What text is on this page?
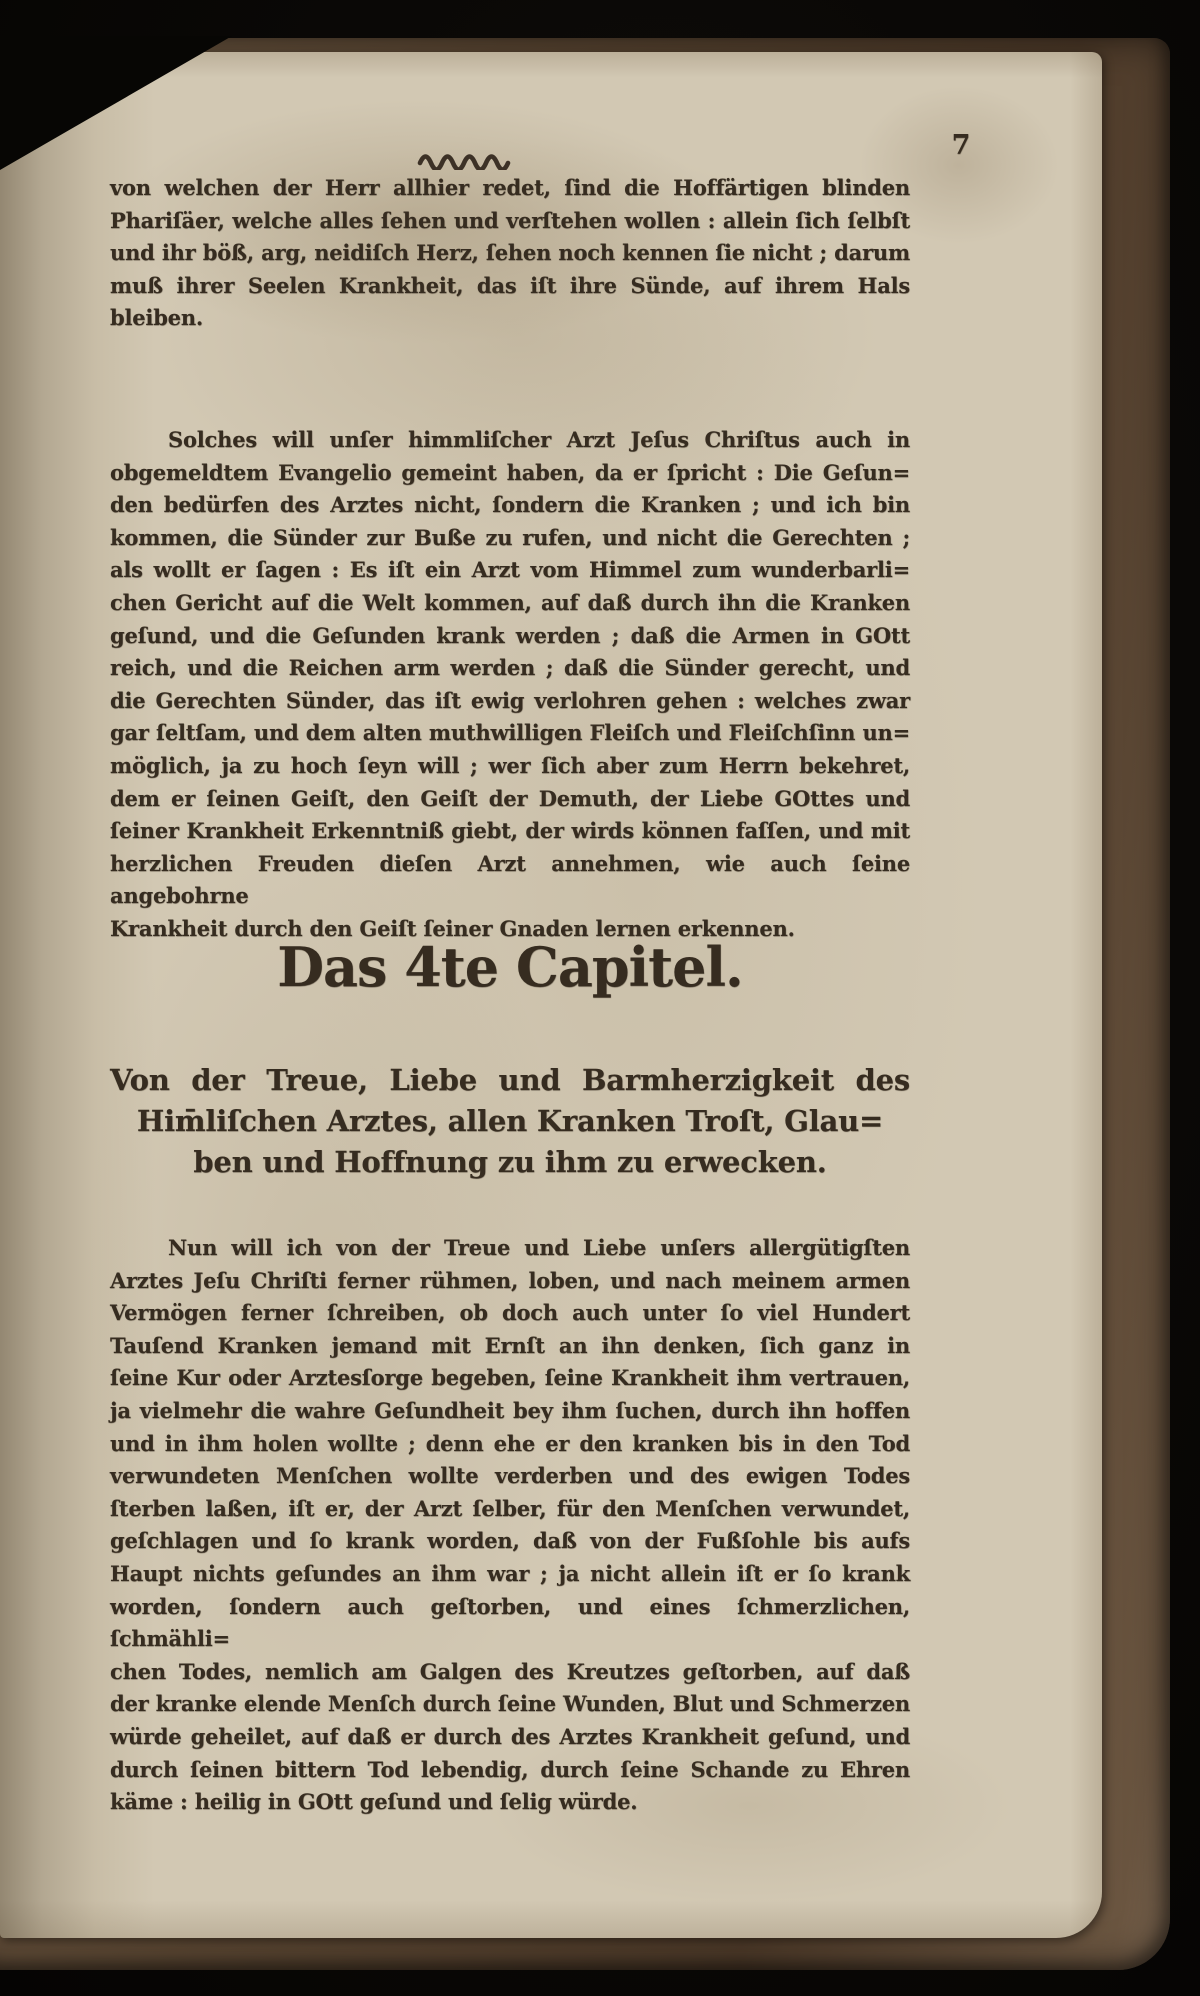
7
von welchen der Herr allhier redet, ſind die Hoffärtigen blinden
Phariſäer, welche alles ſehen und verſtehen wollen : allein ſich ſelbſt
und ihr böß, arg, neidiſch Herz, ſehen noch kennen ſie nicht ; darum
muß ihrer Seelen Krankheit, das iſt ihre Sünde, auf ihrem Hals
bleiben.
Solches will unſer himmliſcher Arzt Jeſus Chriſtus auch in
obgemeldtem Evangelio gemeint haben, da er ſpricht : Die Geſun=
den bedürfen des Arztes nicht, ſondern die Kranken ; und ich bin
kommen, die Sünder zur Buße zu rufen, und nicht die Gerechten ;
als wollt er ſagen : Es iſt ein Arzt vom Himmel zum wunderbarli=
chen Gericht auf die Welt kommen, auf daß durch ihn die Kranken
geſund, und die Geſunden krank werden ; daß die Armen in GOtt
reich, und die Reichen arm werden ; daß die Sünder gerecht, und
die Gerechten Sünder, das iſt ewig verlohren gehen : welches zwar
gar ſeltſam, und dem alten muthwilligen Fleiſch und Fleiſchſinn un=
möglich, ja zu hoch ſeyn will ; wer ſich aber zum Herrn bekehret,
dem er ſeinen Geiſt, den Geiſt der Demuth, der Liebe GOttes und
ſeiner Krankheit Erkenntniß giebt, der wirds können faſſen, und mit
herzlichen Freuden dieſen Arzt annehmen, wie auch ſeine angebohrne
Krankheit durch den Geiſt ſeiner Gnaden lernen erkennen.
Das 4te Capitel.
Von der Treue, Liebe und Barmherzigkeit des
Him̄liſchen Arztes, allen Kranken Troſt, Glau=
ben und Hoffnung zu ihm zu erwecken.
Nun will ich von der Treue und Liebe unſers allergütigſten
Arztes Jeſu Chriſti ferner rühmen, loben, und nach meinem armen
Vermögen ferner ſchreiben, ob doch auch unter ſo viel Hundert
Tauſend Kranken jemand mit Ernſt an ihn denken, ſich ganz in
ſeine Kur oder Arztesſorge begeben, ſeine Krankheit ihm vertrauen,
ja vielmehr die wahre Geſundheit bey ihm ſuchen, durch ihn hoffen
und in ihm holen wollte ; denn ehe er den kranken bis in den Tod
verwundeten Menſchen wollte verderben und des ewigen Todes
ſterben laßen, iſt er, der Arzt ſelber, für den Menſchen verwundet,
geſchlagen und ſo krank worden, daß von der Fußſohle bis aufs
Haupt nichts geſundes an ihm war ; ja nicht allein iſt er ſo krank
worden, ſondern auch geſtorben, und eines ſchmerzlichen, ſchmähli=
chen Todes, nemlich am Galgen des Kreutzes geſtorben, auf daß
der kranke elende Menſch durch ſeine Wunden, Blut und Schmerzen
würde geheilet, auf daß er durch des Arztes Krankheit geſund, und
durch ſeinen bittern Tod lebendig, durch ſeine Schande zu Ehren
käme : heilig in GOtt geſund und ſelig würde.
